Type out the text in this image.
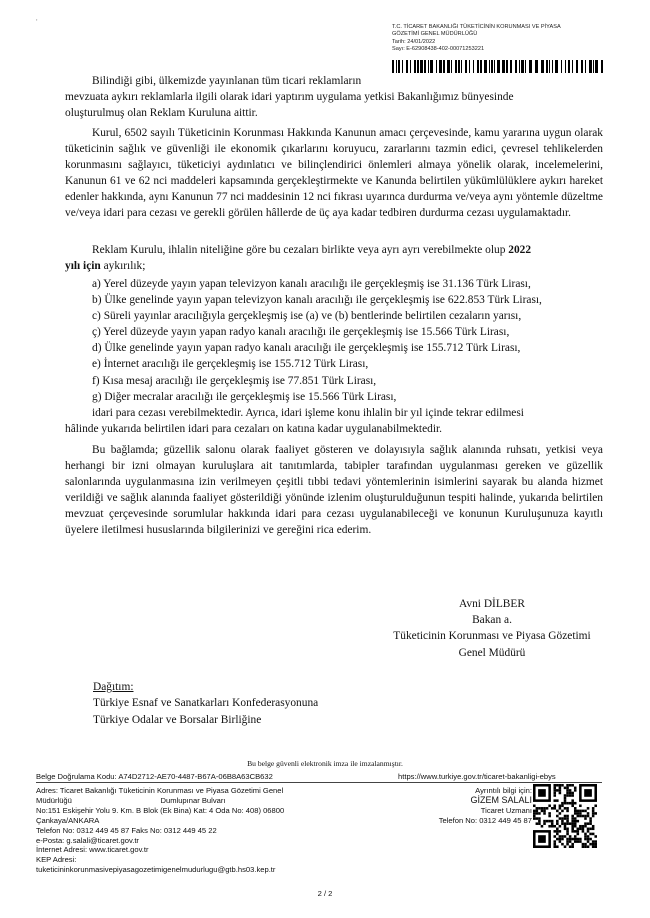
'	T.C. TİCARET BAKANLIĞI TÜKETİCİNİN KORUNMASI VE PİYASA
GÖZETİMİ GENEL MÜDÜRLÜĞÜ
Tarih: 24/01/2022
Sayı: E-62908438-402-00071253221
Bilindiği gibi, ülkemizde yayınlanan tüm ticari reklamların
mevzuata aykırı reklamlarla ilgili olarak idari yaptırım uygulama yetkisi Bakanlığımız bünyesinde
oluşturulmuş olan Reklam Kuruluna aittir.
Kurul, 6502 sayılı Tüketicinin Korunması Hakkında Kanunun amacı çerçevesinde, kamu yararına uygun olarak tüketicinin sağlık ve güvenliği ile ekonomik çıkarlarını koruyucu, zararlarını tazmin edici, çevresel tehlikelerden korunmasını sağlayıcı, tüketiciyi aydınlatıcı ve bilinçlendirici önlemleri almaya yönelik olarak, incelemelerini, Kanunun 61 ve 62 nci maddeleri kapsamında gerçekleştirmekte ve Kanunda belirtilen yükümlülüklere aykırı hareket edenler hakkında, aynı Kanunun 77 nci maddesinin 12 nci fıkrası uyarınca durdurma ve/veya aynı yöntemle düzeltme ve/veya idari para cezası ve gerekli görülen hâllerde de üç aya kadar tedbiren durdurma cezası uygulamaktadır.
Reklam Kurulu, ihlalin niteliğine göre bu cezaları birlikte veya ayrı ayrı verebilmekte olup 2022
yılı için aykırılık;
a) Yerel düzeyde yayın yapan televizyon kanalı aracılığı ile gerçekleşmiş ise 31.136 Türk Lirası,
b) Ülke genelinde yayın yapan televizyon kanalı aracılığı ile gerçekleşmiş ise 622.853 Türk Lirası,
c) Süreli yayınlar aracılığıyla gerçekleşmiş ise (a) ve (b) bentlerinde belirtilen cezaların yarısı,
ç) Yerel düzeyde yayın yapan radyo kanalı aracılığı ile gerçekleşmiş ise 15.566 Türk Lirası,
d) Ülke genelinde yayın yapan radyo kanalı aracılığı ile gerçekleşmiş ise 155.712 Türk Lirası,
e) İnternet aracılığı ile gerçekleşmiş ise 155.712 Türk Lirası,
f) Kısa mesaj aracılığı ile gerçekleşmiş ise 77.851 Türk Lirası,
g) Diğer mecralar aracılığı ile gerçekleşmiş ise 15.566 Türk Lirası,
idari para cezası verebilmektedir. Ayrıca, idari işleme konu ihlalin bir yıl içinde tekrar edilmesi
hâlinde yukarıda belirtilen idari para cezaları on katına kadar uygulanabilmektedir.
Bu bağlamda; güzellik salonu olarak faaliyet gösteren ve dolayısıyla sağlık alanında ruhsatı, yetkisi veya herhangi bir izni olmayan kuruluşlara ait tanıtımlarda, tabipler tarafından uygulanması gereken ve güzellik salonlarında uygulanmasına izin verilmeyen çeşitli tıbbi tedavi yöntemlerinin isimlerini sayarak bu alanda hizmet verildiği ve sağlık alanında faaliyet gösterildiği yönünde izlenim oluşturulduğunun tespiti halinde, yukarıda belirtilen mevzuat çerçevesinde sorumlular hakkında idari para cezası uygulanabileceği ve konunun Kuruluşunuza kayıtlı üyelere iletilmesi hususlarında bilgilerinizi ve gereğini rica ederim.
Avni DİLBER
Bakan a.
Tüketicinin Korunması ve Piyasa Gözetimi
Genel Müdürü
Dağıtım:
Türkiye Esnaf ve Sanatkarları Konfederasyonuna
Türkiye Odalar ve Borsalar Birliğine
Bu belge güvenli elektronik imza ile imzalanmıştır.
Belge Doğrulama Kodu: A74D2712-AE70-4487-B67A-06B8A63CB632	https://www.turkiye.gov.tr/ticaret-bakanligi-ebys
Adres: Ticaret Bakanlığı Tüketicinin Korunması ve Piyasa Gözetimi Genel
Müdürlüğü                                          Dumlupınar Bulvarı
No:151 Eskişehir Yolu 9. Km. B Blok (Ek Bina) Kat: 4 Oda No: 408) 06800
Çankaya/ANKARA
Telefon No: 0312 449 45 87 Faks No: 0312 449 45 22
e-Posta: g.salali@ticaret.gov.tr
İnternet Adresi: www.ticaret.gov.tr
KEP Adresi:
tuketicininkorunmasivepiyasagozetimigenelmudurlugu@gtb.hs03.kep.tr
Ayrıntılı bilgi için:
GİZEM SALALI
Ticaret Uzmanı
Telefon No: 0312 449 45 87
2 / 2
